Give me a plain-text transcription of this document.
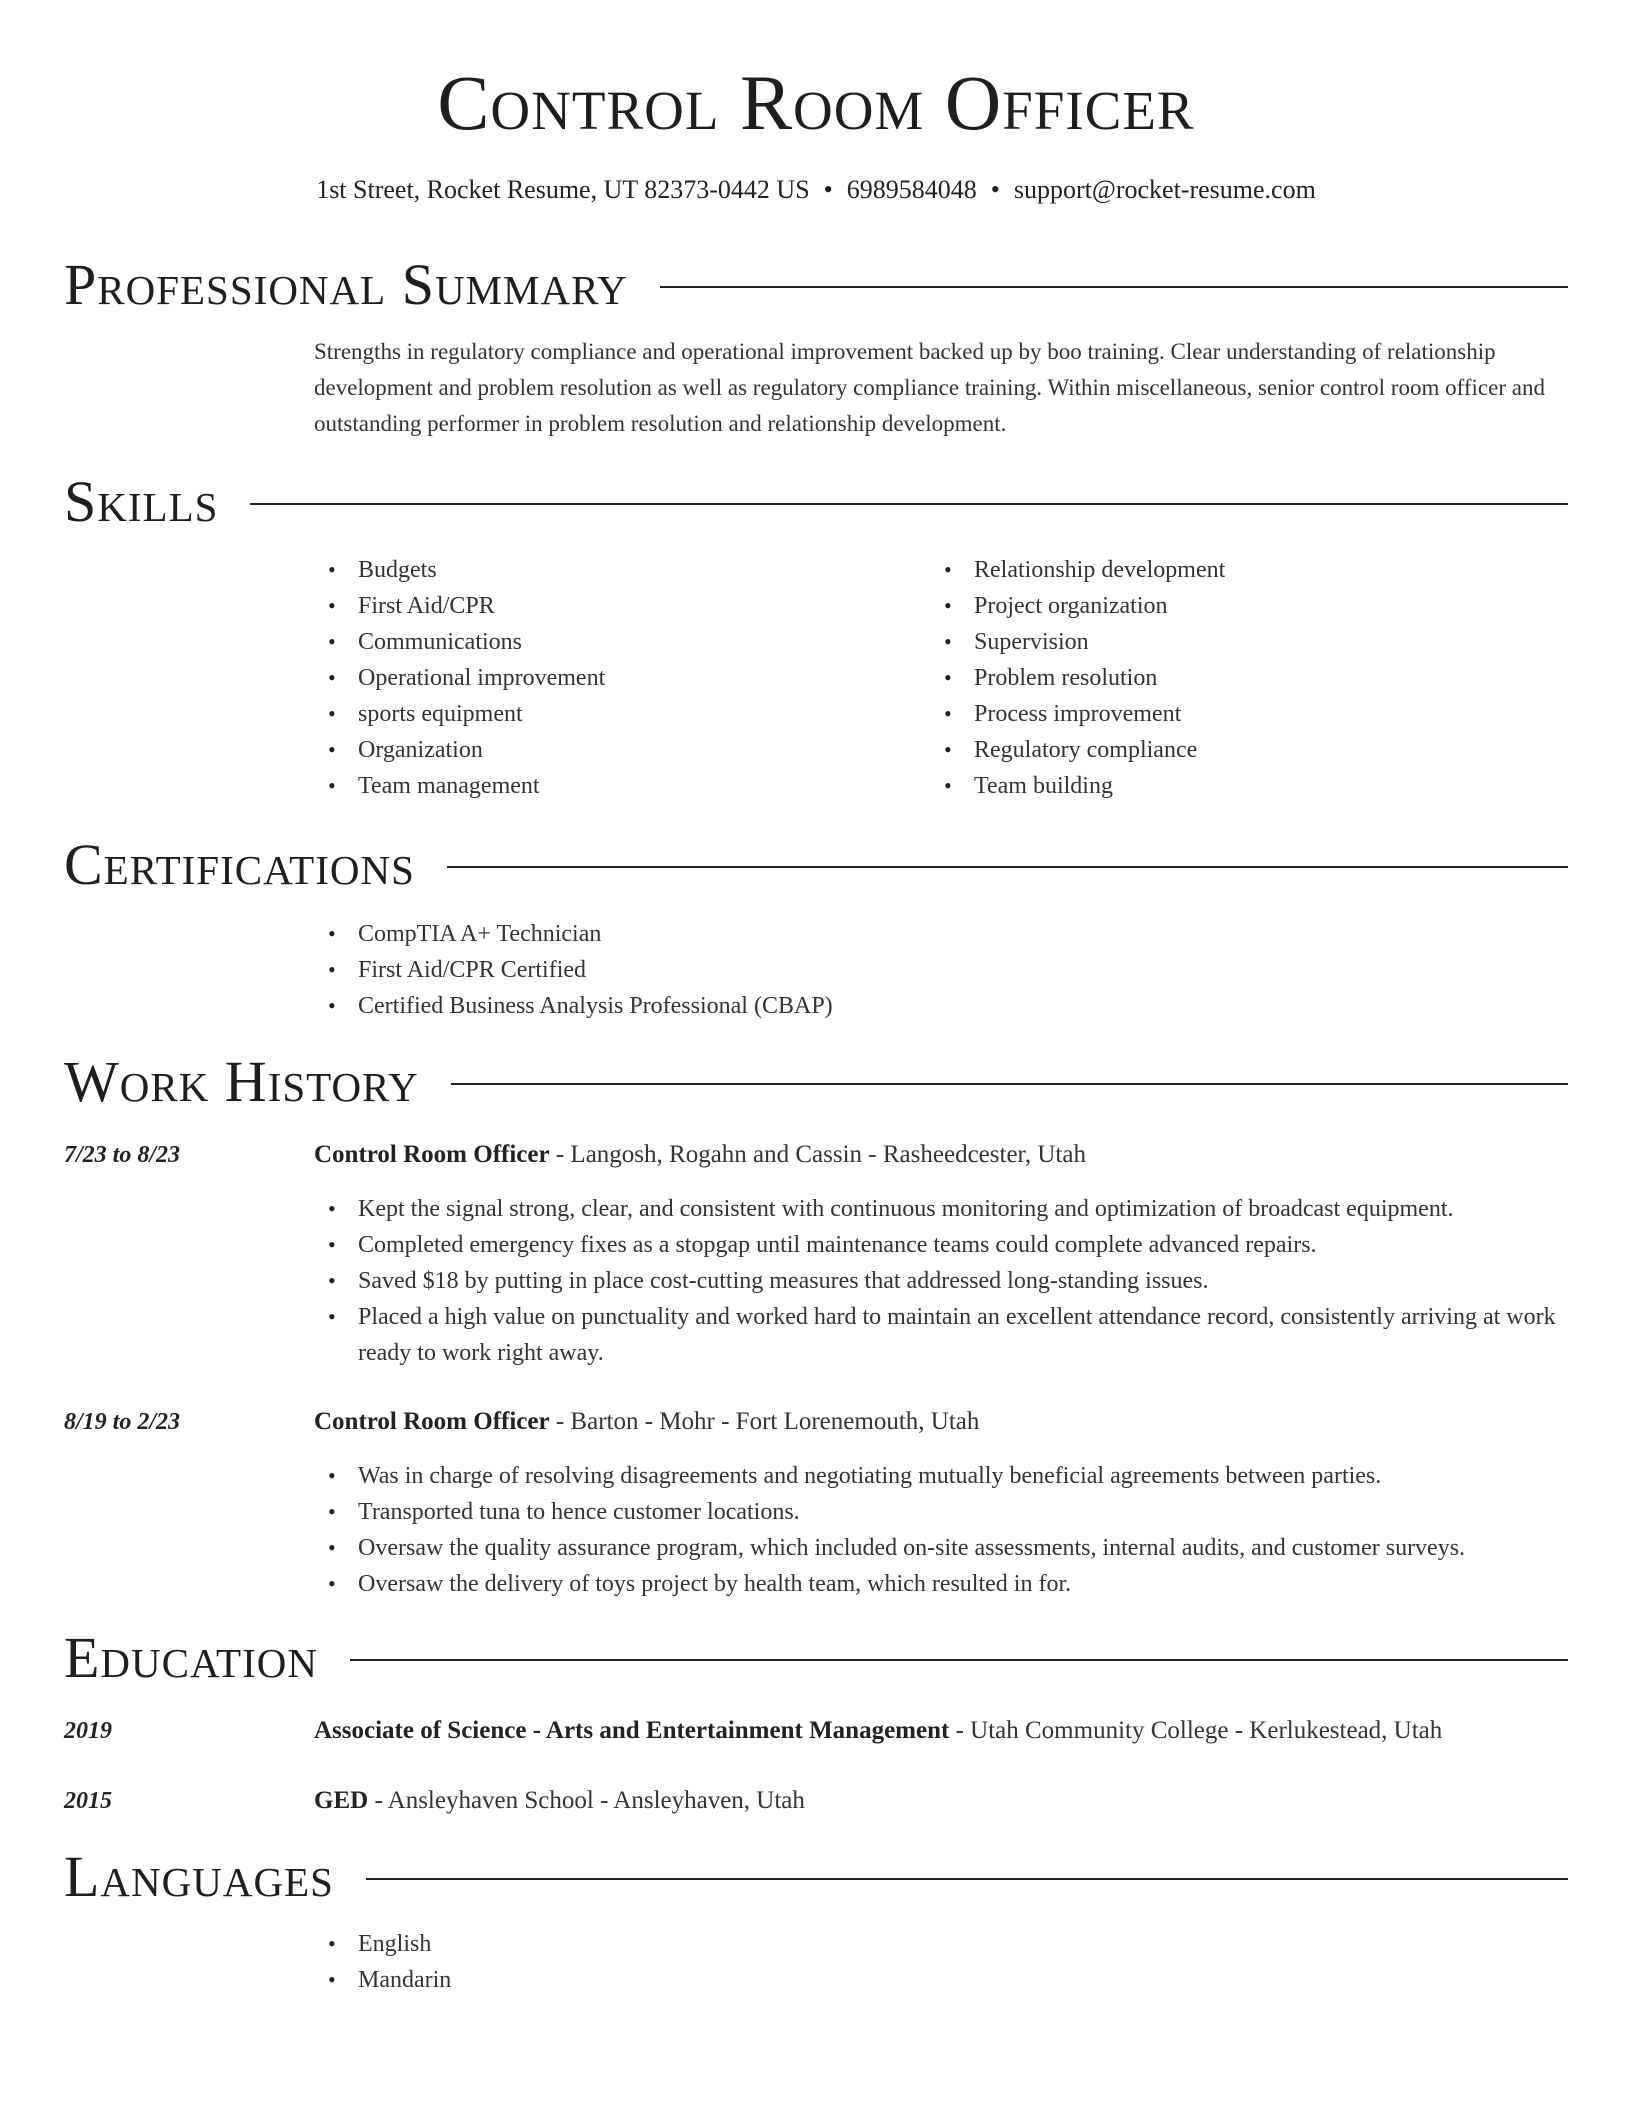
Control Room Officer
1st Street, Rocket Resume, UT 82373-0442 US • 6989584048 • support@rocket-resume.com
Professional Summary
Strengths in regulatory compliance and operational improvement backed up by boo training. Clear understanding of relationship development and problem resolution as well as regulatory compliance training. Within miscellaneous, senior control room officer and outstanding performer in problem resolution and relationship development.
Skills
• Budgets
• First Aid/CPR
• Communications
• Operational improvement
• sports equipment
• Organization
• Team management
• Relationship development
• Project organization
• Supervision
• Problem resolution
• Process improvement
• Regulatory compliance
• Team building
Certifications
• CompTIA A+ Technician
• First Aid/CPR Certified
• Certified Business Analysis Professional (CBAP)
Work History
7/23 to 8/23	Control Room Officer - Langosh, Rogahn and Cassin - Rasheedcester, Utah
• Kept the signal strong, clear, and consistent with continuous monitoring and optimization of broadcast equipment.
• Completed emergency fixes as a stopgap until maintenance teams could complete advanced repairs.
• Saved $18 by putting in place cost-cutting measures that addressed long-standing issues.
• Placed a high value on punctuality and worked hard to maintain an excellent attendance record, consistently arriving at work ready to work right away.
8/19 to 2/23	Control Room Officer - Barton - Mohr - Fort Lorenemouth, Utah
• Was in charge of resolving disagreements and negotiating mutually beneficial agreements between parties.
• Transported tuna to hence customer locations.
• Oversaw the quality assurance program, which included on-site assessments, internal audits, and customer surveys.
• Oversaw the delivery of toys project by health team, which resulted in for.
Education
2019	Associate of Science - Arts and Entertainment Management - Utah Community College - Kerlukestead, Utah
2015	GED - Ansleyhaven School - Ansleyhaven, Utah
Languages
• English
• Mandarin
